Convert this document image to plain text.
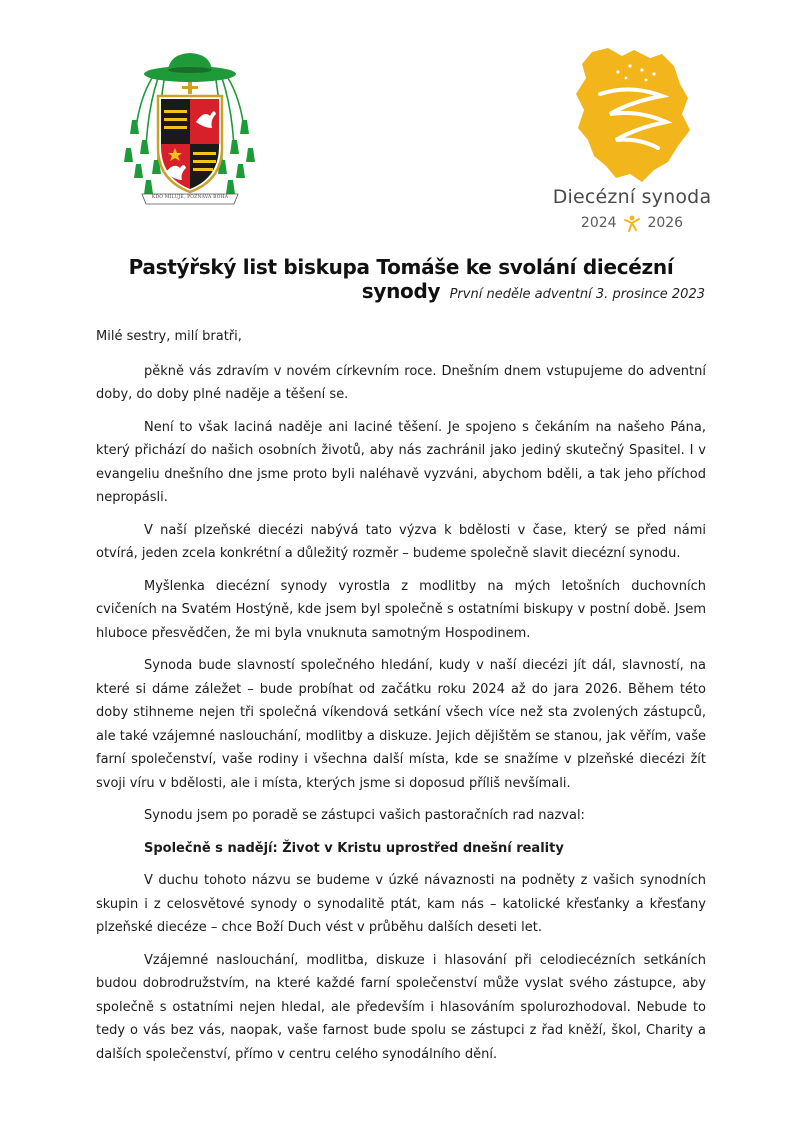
KDO MILUJE, POZNÁVÁ BOHA	Diecézní synoda
2024 2026
Pastýřský list biskupa Tomáše ke svolání diecézní synody První neděle adventní 3. prosince 2023

Milé sestry, milí bratři,

pěkně vás zdravím v novém církevním roce. Dnešním dnem vstupujeme do adventní doby, do doby plné naděje a těšení se.

Není to však laciná naděje ani laciné těšení. Je spojeno s čekáním na našeho Pána, který přichází do našich osobních životů, aby nás zachránil jako jediný skutečný Spasitel. I v evangeliu dnešního dne jsme proto byli naléhavě vyzváni, abychom bděli, a tak jeho příchod nepropásli.

V naší plzeňské diecézi nabývá tato výzva k bdělosti v čase, který se před námi otvírá, jeden zcela konkrétní a důležitý rozměr – budeme společně slavit diecézní synodu.

Myšlenka diecézní synody vyrostla z modlitby na mých letošních duchovních cvičeních na Svatém Hostýně, kde jsem byl společně s ostatními biskupy v postní době. Jsem hluboce přesvědčen, že mi byla vnuknuta samotným Hospodinem.

Synoda bude slavností společného hledání, kudy v naší diecézi jít dál, slavností, na které si dáme záležet – bude probíhat od začátku roku 2024 až do jara 2026. Během této doby stihneme nejen tři společná víkendová setkání všech více než sta zvolených zástupců, ale také vzájemné naslouchání, modlitby a diskuze. Jejich dějištěm se stanou, jak věřím, vaše farní společenství, vaše rodiny i všechna další místa, kde se snažíme v plzeňské diecézi žít svoji víru v bdělosti, ale i místa, kterých jsme si doposud příliš nevšímali.

Synodu jsem po poradě se zástupci vašich pastoračních rad nazval:

Společně s nadějí: Život v Kristu uprostřed dnešní reality

V duchu tohoto názvu se budeme v úzké návaznosti na podněty z vašich synodních skupin i z celosvětové synody o synodalitě ptát, kam nás – katolické křesťanky a křesťany plzeňské diecéze – chce Boží Duch vést v průběhu dalších deseti let.

Vzájemné naslouchání, modlitba, diskuze i hlasování při celodiecézních setkáních budou dobrodružstvím, na které každé farní společenství může vyslat svého zástupce, aby společně s ostatními nejen hledal, ale především i hlasováním spolurozhodoval. Nebude to tedy o vás bez vás, naopak, vaše farnost bude spolu se zástupci z řad kněží, škol, Charity a dalších společenství, přímo v centru celého synodálního dění.
